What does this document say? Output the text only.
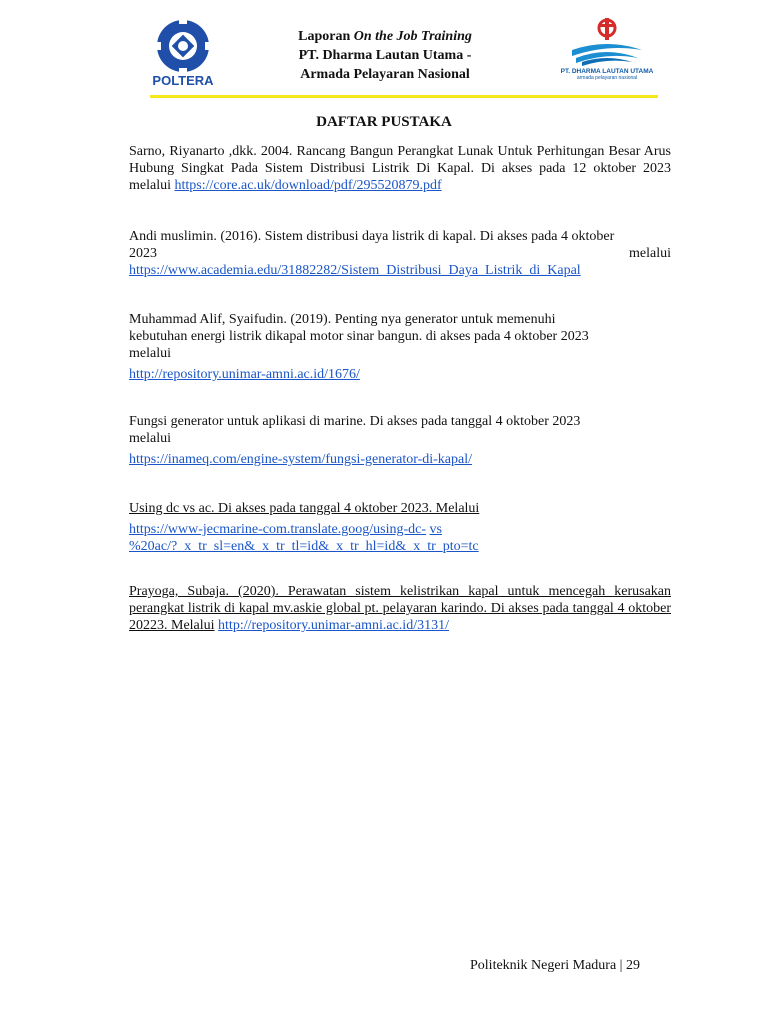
POLTERA
Laporan On the Job Training
PT. Dharma Lautan Utama -
Armada Pelayaran Nasional	PT. DHARMA LAUTAN UTAMA
armada pelayaran nasional
DAFTAR PUSTAKA
Sarno, Riyanarto ,dkk. 2004. Rancang Bangun Perangkat Lunak Untuk Perhitungan Besar Arus Hubung Singkat Pada Sistem Distribusi Listrik Di Kapal. Di akses pada 12 oktober 2023 melalui https://core.ac.uk/download/pdf/295520879.pdf
Andi muslimin. (2016). Sistem distribusi daya listrik di kapal. Di akses pada 4 oktober
2023	melalui
https://www.academia.edu/31882282/Sistem_Distribusi_Daya_Listrik_di_Kapal
Muhammad Alif, Syaifudin. (2019). Penting nya generator untuk memenuhi
kebutuhan energi listrik dikapal motor sinar bangun. di akses pada 4 oktober 2023
melalui
http://repository.unimar-amni.ac.id/1676/
Fungsi generator untuk aplikasi di marine. Di akses pada tanggal 4 oktober 2023
melalui
https://inameq.com/engine-system/fungsi-generator-di-kapal/
Using dc vs ac. Di akses pada tanggal 4 oktober 2023. Melalui
https://www-jecmarine-com.translate.goog/using-dc- vs
%20ac/?_x_tr_sl=en&_x_tr_tl=id&_x_tr_hl=id&_x_tr_pto=tc
Prayoga, Subaja. (2020). Perawatan sistem kelistrikan kapal untuk mencegah kerusakan perangkat listrik di kapal mv.askie global pt. pelayaran karindo. Di akses pada tanggal 4 oktober 20223. Melalui http://repository.unimar-amni.ac.id/3131/
Politeknik Negeri Madura | 29
